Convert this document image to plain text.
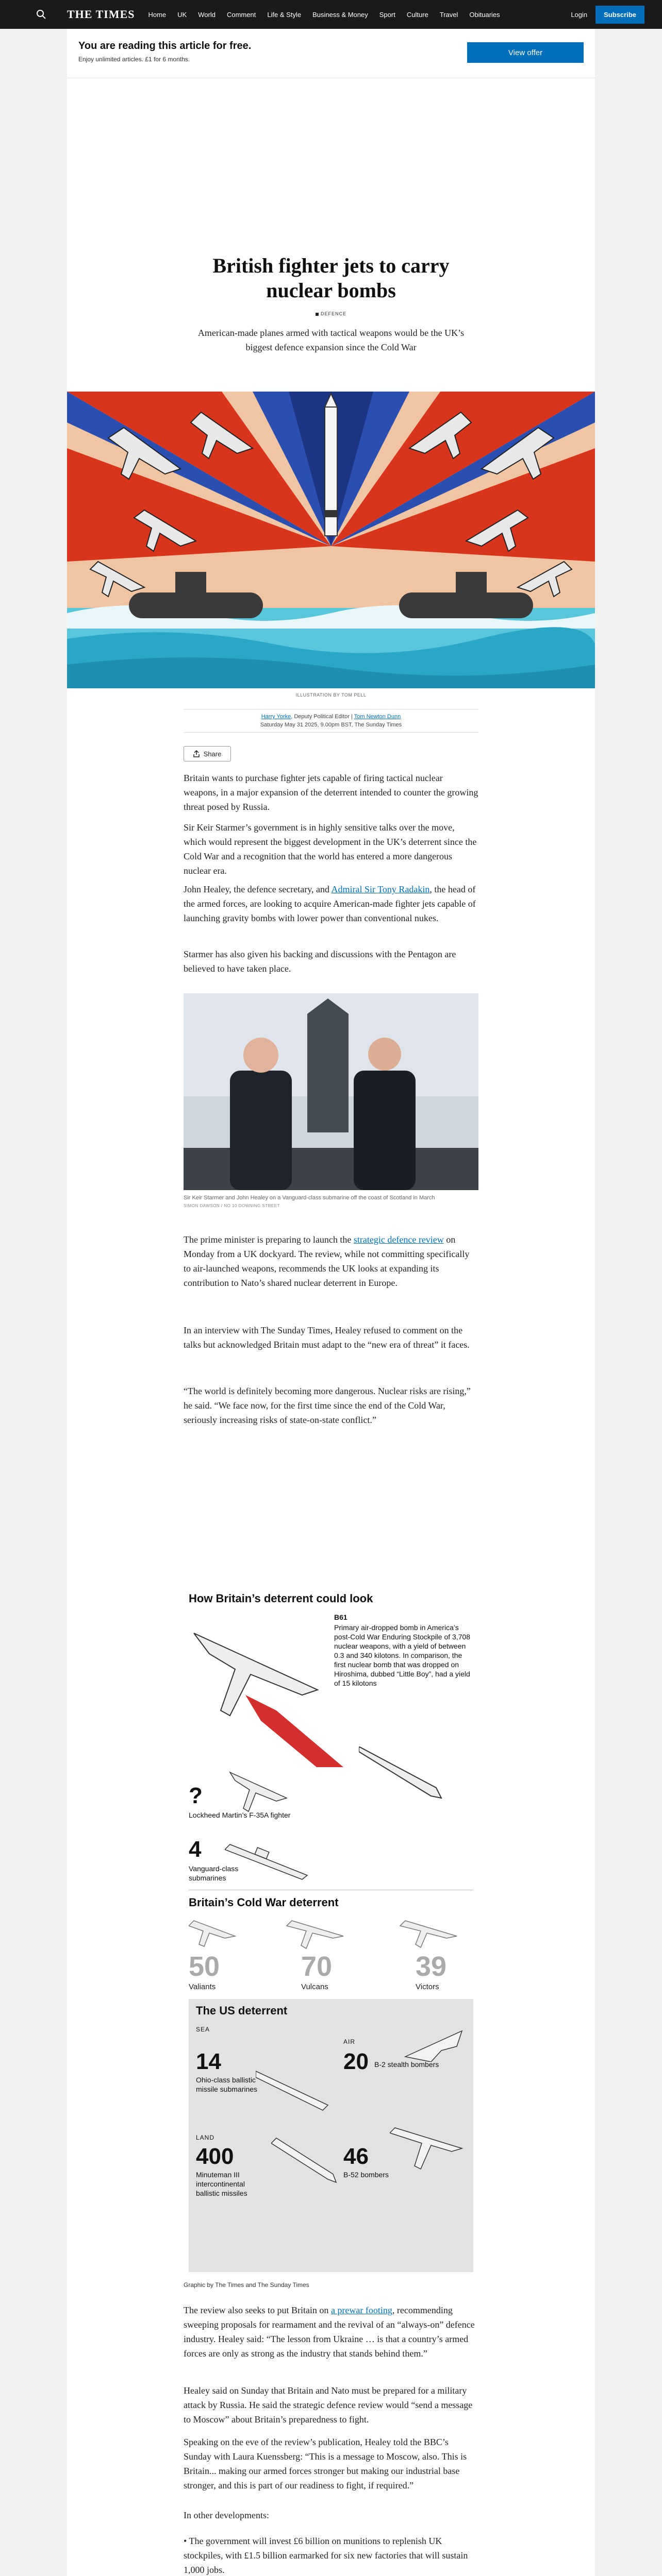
THE TIMES Home UK World Comment Life & Style Business & Money Sport Culture Travel Obituaries	Login	Subscribe
You are reading this article for free.
Enjoy unlimited articles. £1 for 6 months.
View offer
British fighter jets to carry nuclear bombs
DEFENCE

American-made planes armed with tactical weapons would be the UK’s biggest defence expansion since the Cold War

ILLUSTRATION BY TOM PELL
Harry Yorke, Deputy Political Editor | Tom Newton Dunn
Saturday May 31 2025, 9.00pm BST, The Sunday Times
Share

Britain wants to purchase fighter jets capable of firing tactical nuclear weapons, in a major expansion of the deterrent intended to counter the growing threat posed by Russia.

Sir Keir Starmer’s government is in highly sensitive talks over the move, which would represent the biggest development in the UK’s deterrent since the Cold War and a recognition that the world has entered a more dangerous nuclear era.

John Healey, the defence secretary, and Admiral Sir Tony Radakin, the head of the armed forces, are looking to acquire American-made fighter jets capable of launching gravity bombs with lower power than conventional nukes.

Starmer has also given his backing and discussions with the Pentagon are believed to have taken place.

Sir Keir Starmer and John Healey on a Vanguard-class submarine off the coast of Scotland in March
SIMON DAWSON / NO 10 DOWNING STREET

The prime minister is preparing to launch the strategic defence review on Monday from a UK dockyard. The review, while not committing specifically to air-launched weapons, recommends the UK looks at expanding its contribution to Nato’s shared nuclear deterrent in Europe.

In an interview with The Sunday Times, Healey refused to comment on the talks but acknowledged Britain must adapt to the “new era of threat” it faces.

“The world is definitely becoming more dangerous. Nuclear risks are rising,” he said. “We face now, for the first time since the end of the Cold War, seriously increasing risks of state-on-state conflict.”

How Britain’s deterrent could look
B61
Primary air-dropped bomb in America’s post-Cold War Enduring Stockpile of 3,708 nuclear weapons, with a yield of between 0.3 and 340 kilotons. In comparison, the first nuclear bomb that was dropped on Hiroshima, dubbed “Little Boy”, had a yield of 15 kilotons
?
Lockheed Martin’s F-35A fighter
4
Vanguard-class submarines
Britain’s Cold War deterrent
50
Valiants
70
Vulcans
39
Victors
The US deterrent
SEA
AIR
14
Ohio-class ballistic missile submarines
20 B-2 stealth bombers
LAND
400
Minuteman III intercontinental ballistic missiles
46
B-52 bombers
Graphic by The Times and The Sunday Times

The review also seeks to put Britain on a prewar footing, recommending sweeping proposals for rearmament and the revival of an “always-on” defence industry. Healey said: “The lesson from Ukraine … is that a country’s armed forces are only as strong as the industry that stands behind them.”

Healey said on Sunday that Britain and Nato must be prepared for a military attack by Russia. He said the strategic defence review would “send a message to Moscow” about Britain’s preparedness to fight.

Speaking on the eve of the review’s publication, Healey told the BBC’s Sunday with Laura Kuenssberg: “This is a message to Moscow, also. This is Britain... making our armed forces stronger but making our industrial base stronger, and this is part of our readiness to fight, if required.”

In other developments:

• The government will invest £6 billion on munitions to replenish UK stockpiles, with £1.5 billion earmarked for six new factories that will sustain 1,000 jobs.
